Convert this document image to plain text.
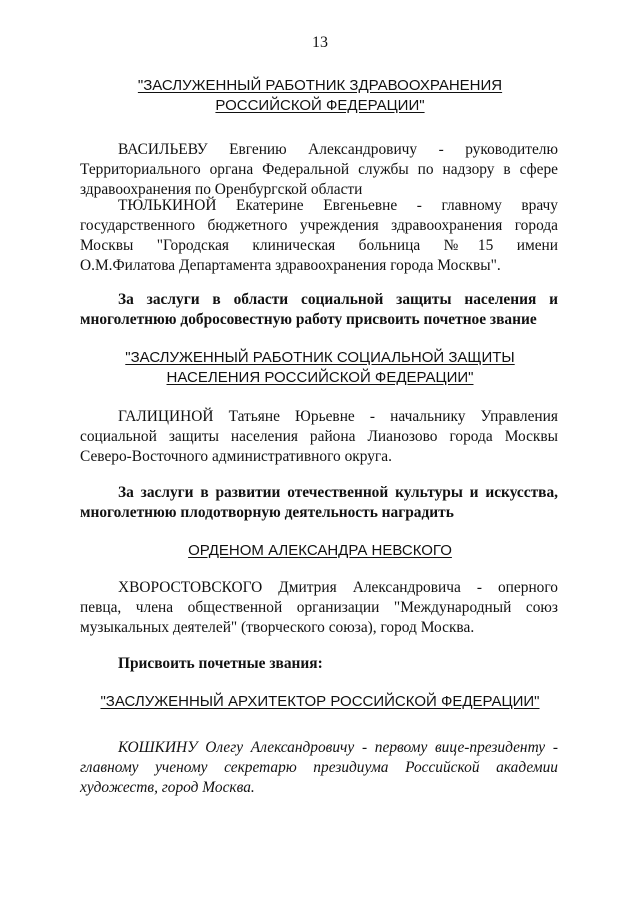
13
"ЗАСЛУЖЕННЫЙ РАБОТНИК ЗДРАВООХРАНЕНИЯ
РОССИЙСКОЙ ФЕДЕРАЦИИ"
ВАСИЛЬЕВУ Евгению Александровичу - руководителю
Территориального органа Федеральной службы по надзору в сфере
здравоохранения по Оренбургской области
ТЮЛЬКИНОЙ Екатерине Евгеньевне - главному врачу
государственного бюджетного учреждения здравоохранения города
Москвы "Городская клиническая больница №15 имени
О.М.Филатова Департамента здравоохранения города Москвы".
За заслуги в области социальной защиты населения и
многолетнюю добросовестную работу присвоить почетное звание
"ЗАСЛУЖЕННЫЙ РАБОТНИК СОЦИАЛЬНОЙ ЗАЩИТЫ
НАСЕЛЕНИЯ РОССИЙСКОЙ ФЕДЕРАЦИИ"
ГАЛИЦИНОЙ Татьяне Юрьевне - начальнику Управления
социальной защиты населения района Лианозово города Москвы
Северо-Восточного административного округа.
За заслуги в развитии отечественной культуры и искусства,
многолетнюю плодотворную деятельность наградить
ОРДЕНОМ АЛЕКСАНДРА НЕВСКОГО
ХВОРОСТОВСКОГО Дмитрия Александровича - оперного
певца, члена общественной организации "Международный союз
музыкальных деятелей" (творческого союза), город Москва.
Присвоить почетные звания:
"ЗАСЛУЖЕННЫЙ АРХИТЕКТОР РОССИЙСКОЙ ФЕДЕРАЦИИ"
КОШКИНУ Олегу Александровичу - первому вице-президенту -
главному ученому секретарю президиума Российской академии
художеств, город Москва.
